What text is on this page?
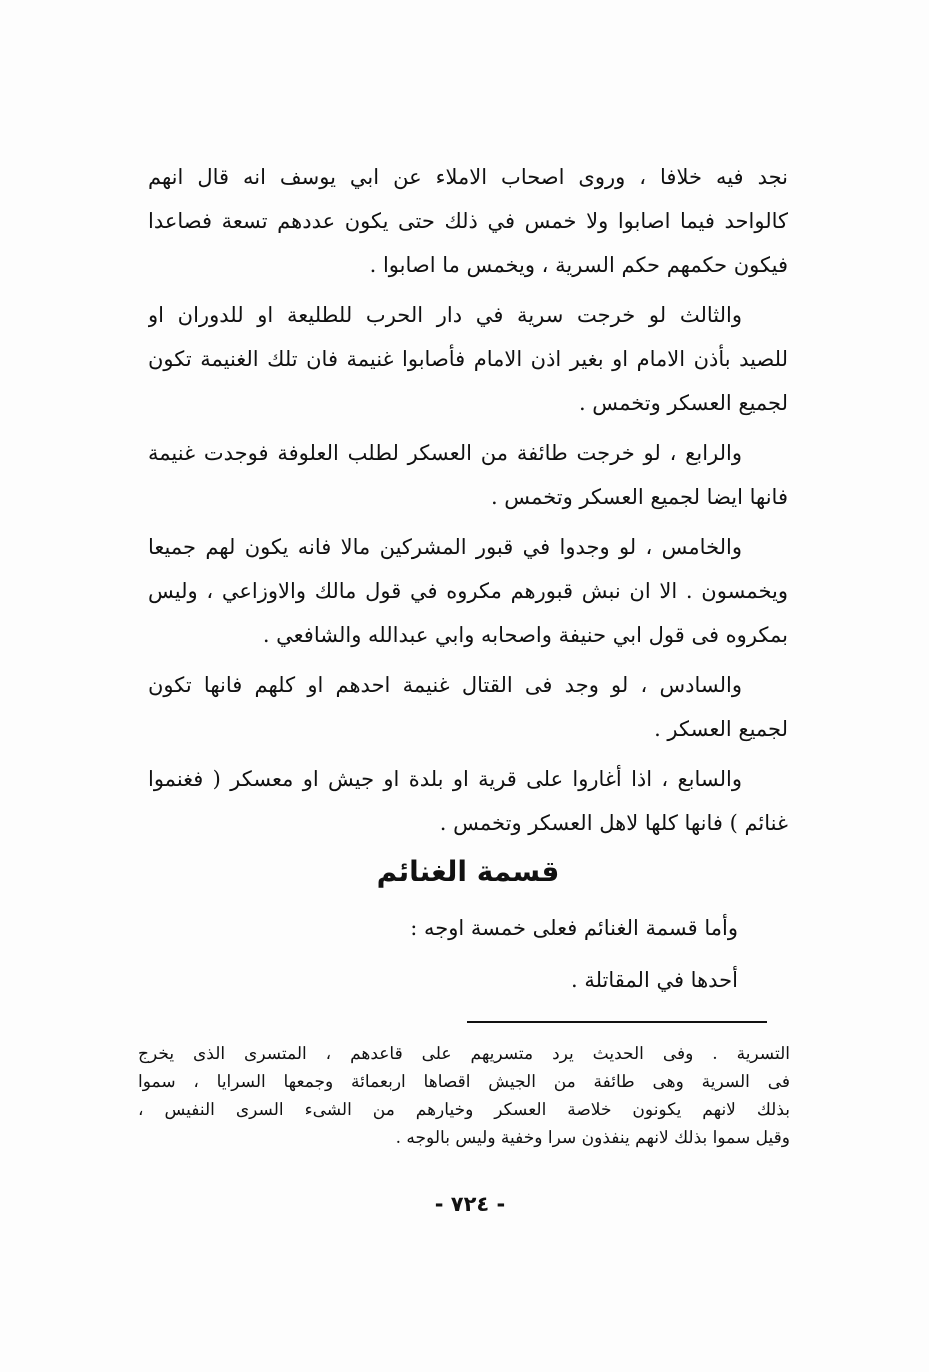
نجد فيه خلافا ، وروى اصحاب الاملاء عن ابي يوسف انه قال انهم
كالواحد فيما اصابوا ولا خمس في ذلك حتى يكون عددهم تسعة فصاعدا
فيكون حكمهم حكم السرية ، ويخمس ما اصابوا .
والثالث لو خرجت سرية في دار الحرب للطليعة او للدوران او
للصيد بأذن الامام او بغير اذن الامام فأصابوا غنيمة فان تلك الغنيمة تكون
لجميع العسكر وتخمس .
والرابع ، لو خرجت طائفة من العسكر لطلب العلوفة فوجدت غنيمة
فانها ايضا لجميع العسكر وتخمس .
والخامس ، لو وجدوا في قبور المشركين مالا فانه يكون لهم جميعا
ويخمسون . الا ان نبش قبورهم مكروه في قول مالك والاوزاعي ، وليس
بمكروه فى قول ابي حنيفة واصحابه وابي عبدالله والشافعي .
والسادس ، لو وجد فى القتال غنيمة احدهم او كلهم فانها تكون
لجميع العسكر .
والسابع ، اذا أغاروا على قرية او بلدة او جيش او معسكر ( فغنموا
غنائم ) فانها كلها لاهل العسكر وتخمس .
قسمة الغنائم
وأما قسمة الغنائم فعلى خمسة اوجه :
أحدها في المقاتلة .
التسرية . وفى الحديث يرد متسريهم على قاعدهم ، المتسرى الذى يخرج
فى السرية وهى طائفة من الجيش اقصاها اربعمائة وجمعها السرايا ، سموا
بذلك لانهم يكونون خلاصة العسكر وخيارهم من الشىء السرى النفيس ،
وقيل سموا بذلك لانهم ينفذون سرا وخفية وليس بالوجه .
- ٧٢٤ -
